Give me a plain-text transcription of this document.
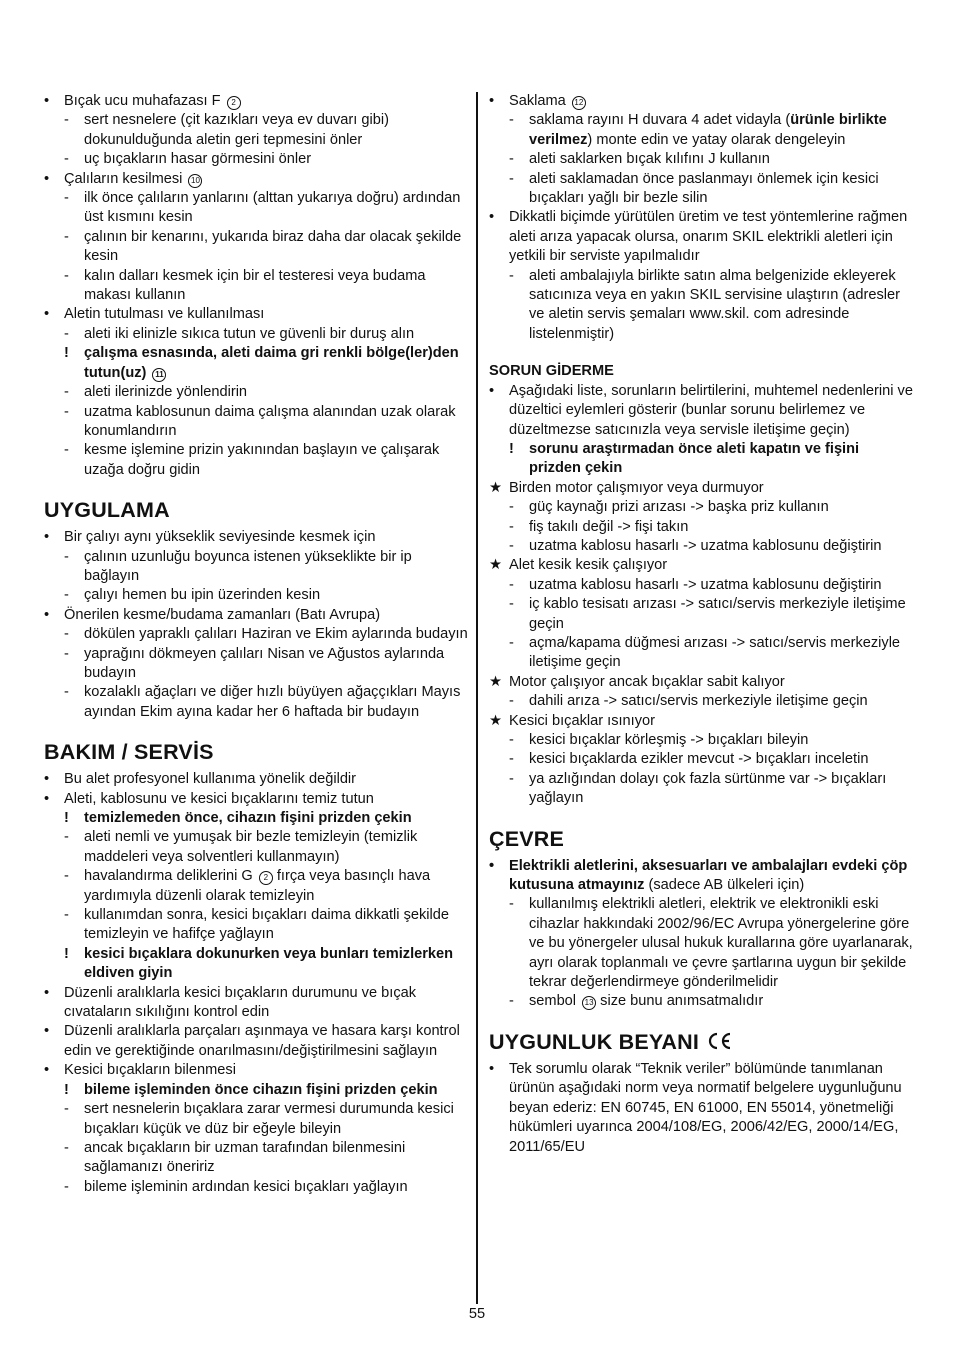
•	Bıçak ucu muhafazası F 2
-	sert nesnelere (çit kazıkları veya ev duvarı gibi) dokunulduğunda aletin geri tepmesini önler
-	uç bıçakların hasar görmesini önler
•	Çalıların kesilmesi 10
-	ilk önce çalıların yanlarını (alttan yukarıya doğru) ardından üst kısmını kesin
-	çalının bir kenarını, yukarıda biraz daha dar olacak şekilde kesin
-	kalın dalları kesmek için bir el testeresi veya budama makası kullanın
•	Aletin tutulması ve kullanılması
-	aleti iki elinizle sıkıca tutun ve güvenli bir duruş alın
!	çalışma esnasında, aleti daima gri renkli bölge(ler)den tutun(uz) 11
-	aleti ilerinizde yönlendirin
-	uzatma kablosunun daima çalışma alanından uzak olarak konumlandırın
-	kesme işlemine prizin yakınından başlayın ve çalışarak uzağa doğru gidin
UYGULAMA
•	Bir çalıyı aynı yükseklik seviyesinde kesmek için
-	çalının uzunluğu boyunca istenen yükseklikte bir ip bağlayın
-	çalıyı hemen bu ipin üzerinden kesin
•	Önerilen kesme/budama zamanları (Batı Avrupa)
-	dökülen yapraklı çalıları Haziran ve Ekim aylarında budayın
-	yaprağını dökmeyen çalıları Nisan ve Ağustos aylarında budayın
-	kozalaklı ağaçları ve diğer hızlı büyüyen ağaççıkları Mayıs ayından Ekim ayına kadar her 6 haftada bir budayın
BAKIM / SERVİS
•	Bu alet profesyonel kullanıma yönelik değildir
•	Aleti, kablosunu ve kesici bıçaklarını temiz tutun
!	temizlemeden önce, cihazın fişini prizden çekin
-	aleti nemli ve yumuşak bir bezle temizleyin (temizlik maddeleri veya solventleri kullanmayın)
-	havalandırma deliklerini G 2 fırça veya basınçlı hava yardımıyla düzenli olarak temizleyin
-	kullanımdan sonra, kesici bıçakları daima dikkatli şekilde temizleyin ve hafifçe yağlayın
!	kesici bıçaklara dokunurken veya bunları temizlerken eldiven giyin
•	Düzenli aralıklarla kesici bıçakların durumunu ve bıçak cıvataların sıkılığını kontrol edin
•	Düzenli aralıklarla parçaları aşınmaya ve hasara karşı kontrol edin ve gerektiğinde onarılmasını/değiştirilmesini sağlayın
•	Kesici bıçakların bilenmesi
!	bileme işleminden önce cihazın fişini prizden çekin
-	sert nesnelerin bıçaklara zarar vermesi durumunda kesici bıçakları küçük ve düz bir eğeyle bileyin
-	ancak bıçakların bir uzman tarafından bilenmesini sağlamanızı öneririz
-	bileme işleminin ardından kesici bıçakları yağlayın
•	Saklama 12
-	saklama rayını H duvara 4 adet vidayla (ürünle birlikte verilmez) monte edin ve yatay olarak dengeleyin
-	aleti saklarken bıçak kılıfını J kullanın
-	aleti saklamadan önce paslanmayı önlemek için kesici bıçakları yağlı bir bezle silin
•	Dikkatli biçimde yürütülen üretim ve test yöntemlerine rağmen aleti arıza yapacak olursa, onarım SKIL elektrikli aletleri için yetkili bir serviste yapılmalıdır
-	aleti ambalajıyla birlikte satın alma belgenizide ekleyerek satıcınıza veya en yakın SKIL servisine ulaştırın (adresler ve aletin servis şemaları www.skil. com adresinde listelenmiştir)
SORUN GİDERME
•	Aşağıdaki liste, sorunların belirtilerini, muhtemel nedenlerini ve düzeltici eylemleri gösterir (bunlar sorunu belirlemez ve düzeltmezse satıcınızla veya servisle iletişime geçin)
!	sorunu araştırmadan önce aleti kapatın ve fişini prizden çekin
★ Birden motor çalışmıyor veya durmuyor
-	güç kaynağı prizi arızası -> başka priz kullanın
-	fiş takılı değil -> fişi takın
-	uzatma kablosu hasarlı -> uzatma kablosunu değiştirin
★ Alet kesik kesik çalışıyor
-	uzatma kablosu hasarlı -> uzatma kablosunu değiştirin
-	iç kablo tesisatı arızası -> satıcı/servis merkeziyle iletişime geçin
-	açma/kapama düğmesi arızası -> satıcı/servis merkeziyle iletişime geçin
★ Motor çalışıyor ancak bıçaklar sabit kalıyor
-	dahili arıza -> satıcı/servis merkeziyle iletişime geçin
★ Kesici bıçaklar ısınıyor
-	kesici bıçaklar körleşmiş -> bıçakları bileyin
-	kesici bıçaklarda ezikler mevcut -> bıçakları inceletin
-	ya azlığından dolayı çok fazla sürtünme var -> bıçakları yağlayın
ÇEVRE
•	Elektrikli aletlerini, aksesuarları ve ambalajları evdeki çöp kutusuna atmayınız (sadece AB ülkeleri için)
-	kullanılmış elektrikli aletleri, elektrik ve elektronikli eski cihazlar hakkındaki 2002/96/EC Avrupa yönergelerine göre ve bu yönergeler ulusal hukuk kurallarına göre uyarlanarak, ayrı olarak toplanmalı ve çevre şartlarına uygun bir şekilde tekrar değerlendirmeye gönderilmelidir
-	sembol 13 size bunu anımsatmalıdır
UYGUNLUK BEYANI
•	Tek sorumlu olarak “Teknik veriler” bölümünde tanımlanan ürünün aşağıdaki norm veya normatif belgelere uygunluğunu beyan ederiz: EN 60745, EN 61000, EN 55014, yönetmeliği hükümleri uyarınca 2004/108/EG, 2006/42/EG, 2000/14/EG, 2011/65/EU
55
